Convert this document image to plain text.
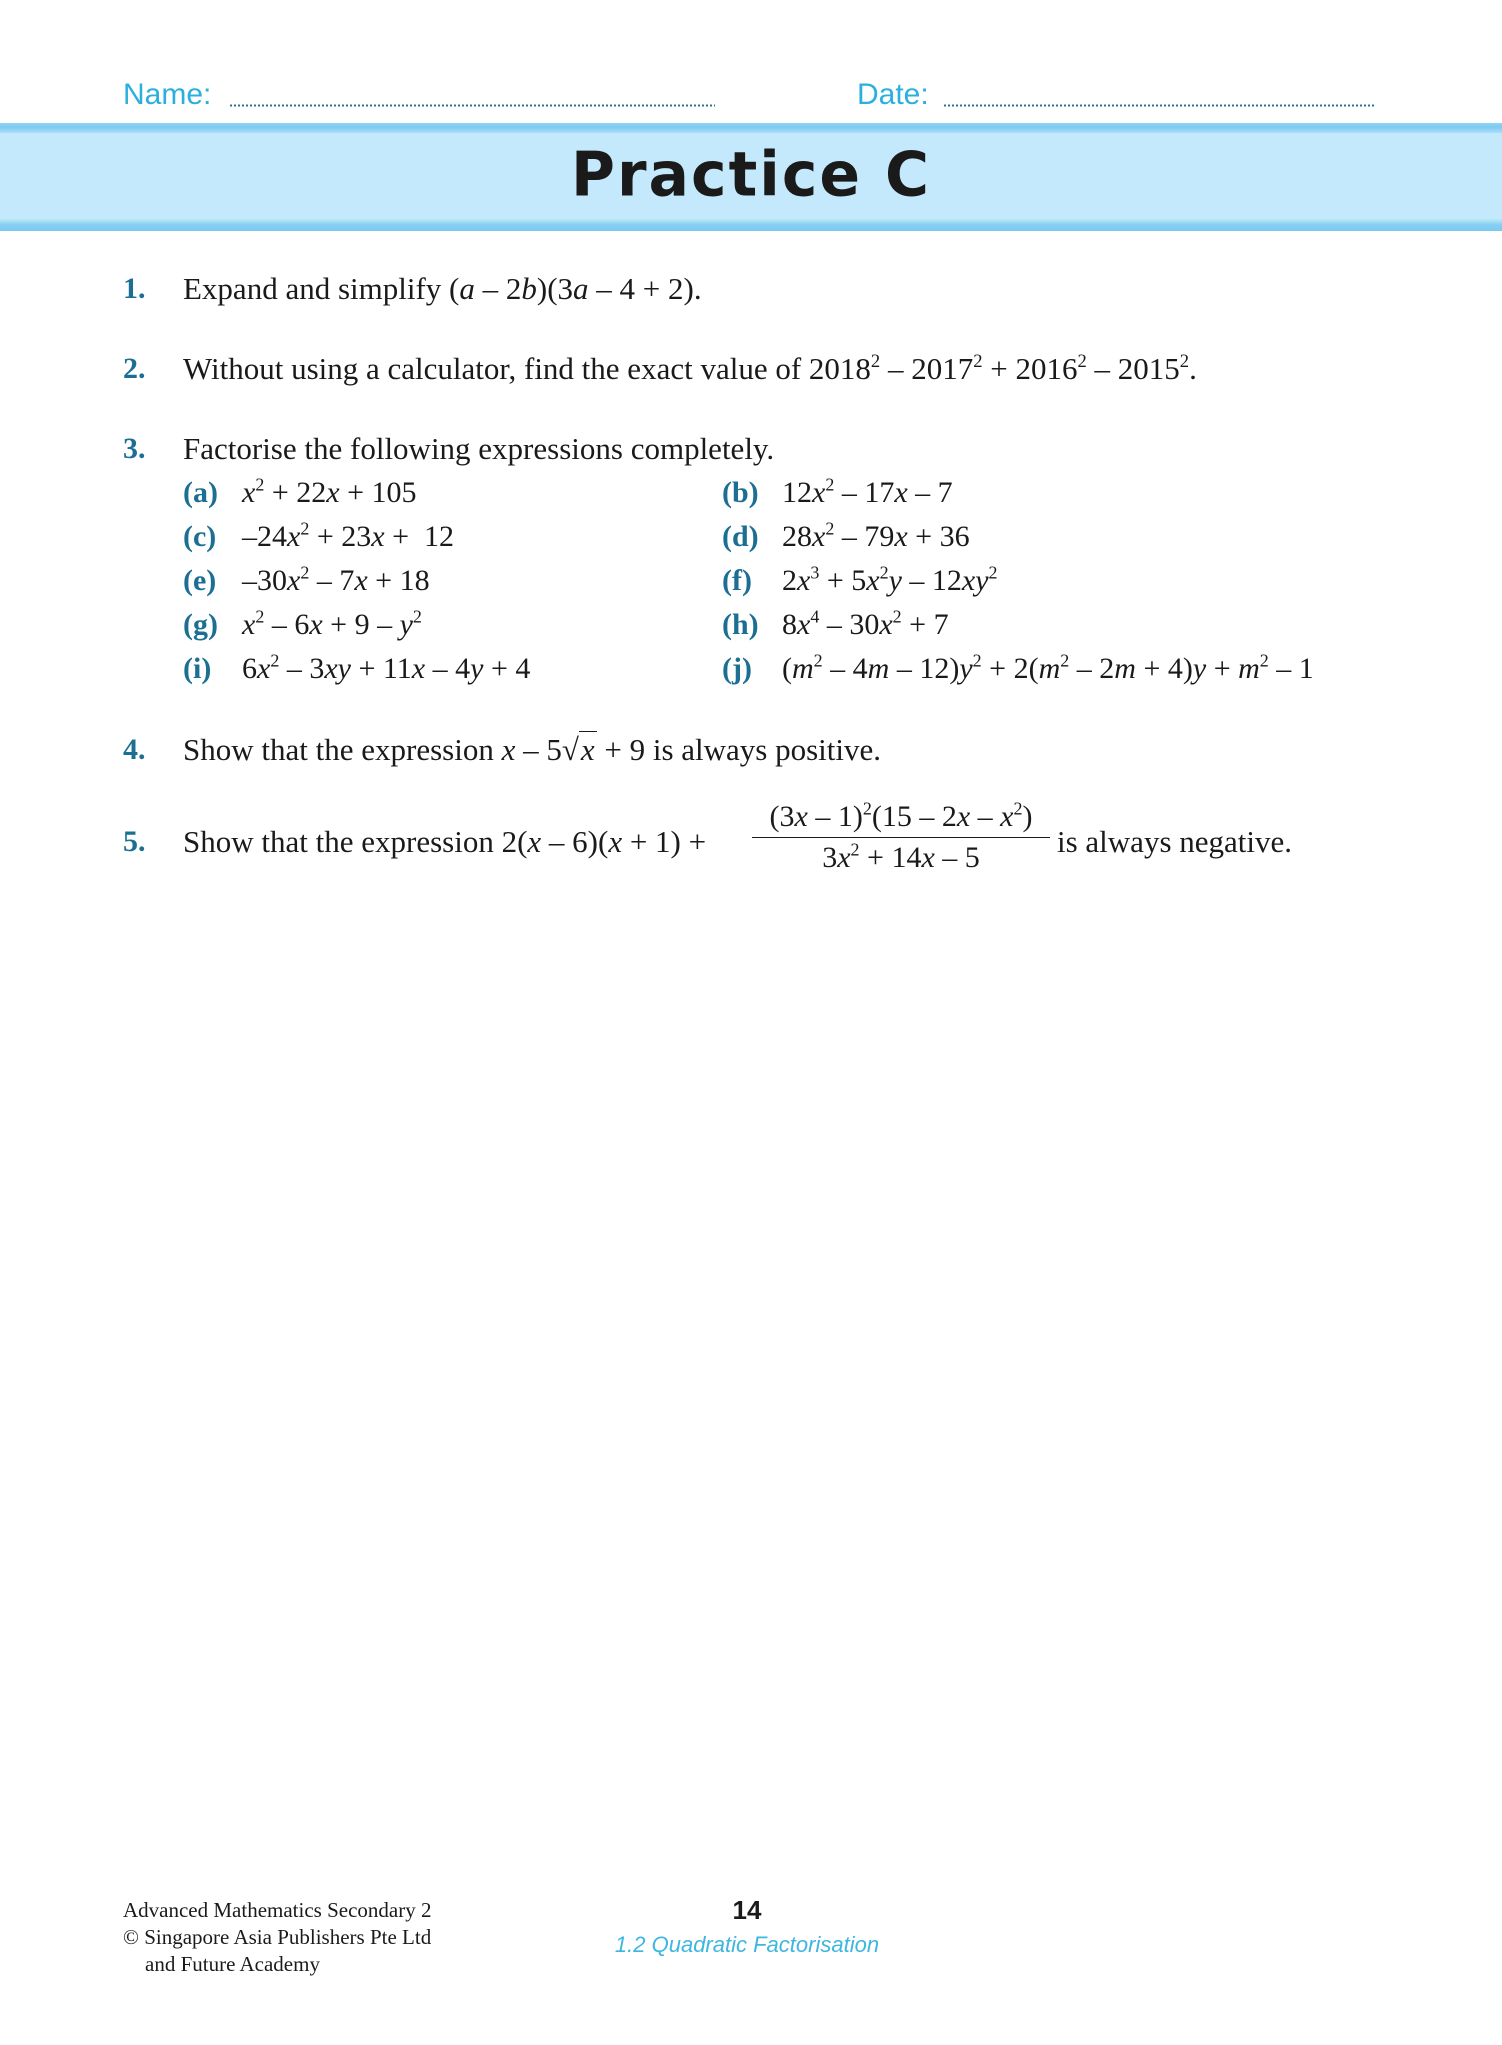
Name:	Date:
Practice C
1. Expand and simplify (a – 2b)(3a – 4 + 2).
2. Without using a calculator, find the exact value of $2018^2 - 2017^2 + 2016^2 - 2015^2$.
3. Factorise the following expressions completely.
(a) $x^2 + 22x + 105$
(c) $-24x^2 + 23x + 12$
(e) $-30x^2 - 7x + 18$
(g) $x^2 - 6x + 9 - y^2$
(i) $6x^2 - 3xy + 11x - 4y + 4$
(b) $12x^2 - 17x - 7$
(d) $28x^2 - 79x + 36$
(f) $2x^3 + 5x^2y - 12xy^2$
(h) $8x^4 - 30x^2 + 7$
(j) $(m^2 - 4m - 12)y^2 + 2(m^2 - 2m + 4)y + m^2 - 1$
4. Show that the expression x – 5√x + 9 is always positive.
5. Show that the expression 2(x – 6)(x + 1) +
$(3x - 1)^2(15 - 2x - x^2)$
$3x^2 + 14x - 5$	is always negative.
Advanced Mathematics Secondary 2
© Singapore Asia Publishers Pte Ltd
and Future Academy
14
1.2 Quadratic Factorisation
